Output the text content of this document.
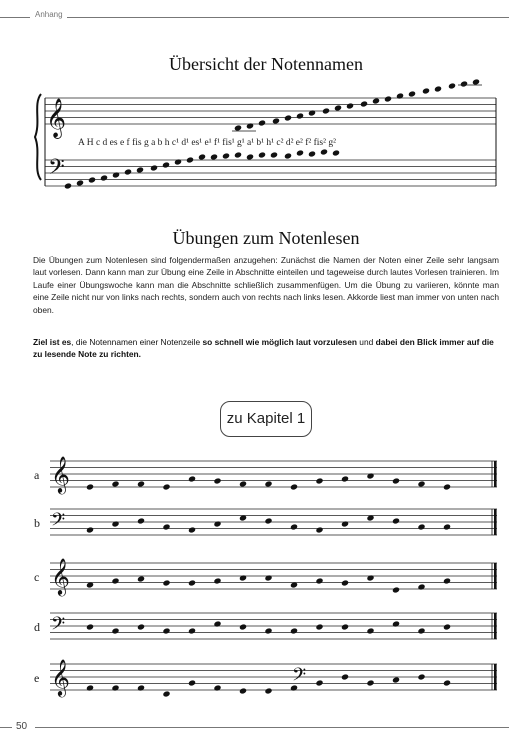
Anhang
Übersicht der Notennamen
𝄞
𝄢
A H c d es e f fis g a b h c¹ d¹ es¹ e¹ f¹ fis¹ g¹ a¹ b¹ h¹ c² d² e² f² fis² g²
a 𝄞
b 𝄢
c 𝄞
d 𝄢
e 𝄞	𝄢
Übungen zum Notenlesen
Die Übungen zum Notenlesen sind folgendermaßen anzugehen: Zunächst die Namen der Noten einer Zeile sehr langsam laut vorlesen. Dann kann man zur Übung eine Zeile in Abschnitte einteilen und tageweise durch lautes Vorlesen trainieren. Im Laufe einer Übungswoche kann man die Abschnitte schließlich zusammenfügen. Um die Übung zu variieren, könnte man eine Zeile nicht nur von links nach rechts, sondern auch von rechts nach links lesen. Akkorde liest man immer von unten nach oben.
Ziel ist es, die Notennamen einer Notenzeile so schnell wie möglich laut vorzulesen und dabei den Blick immer auf die zu lesende Note zu richten.
zu Kapitel 1
50
